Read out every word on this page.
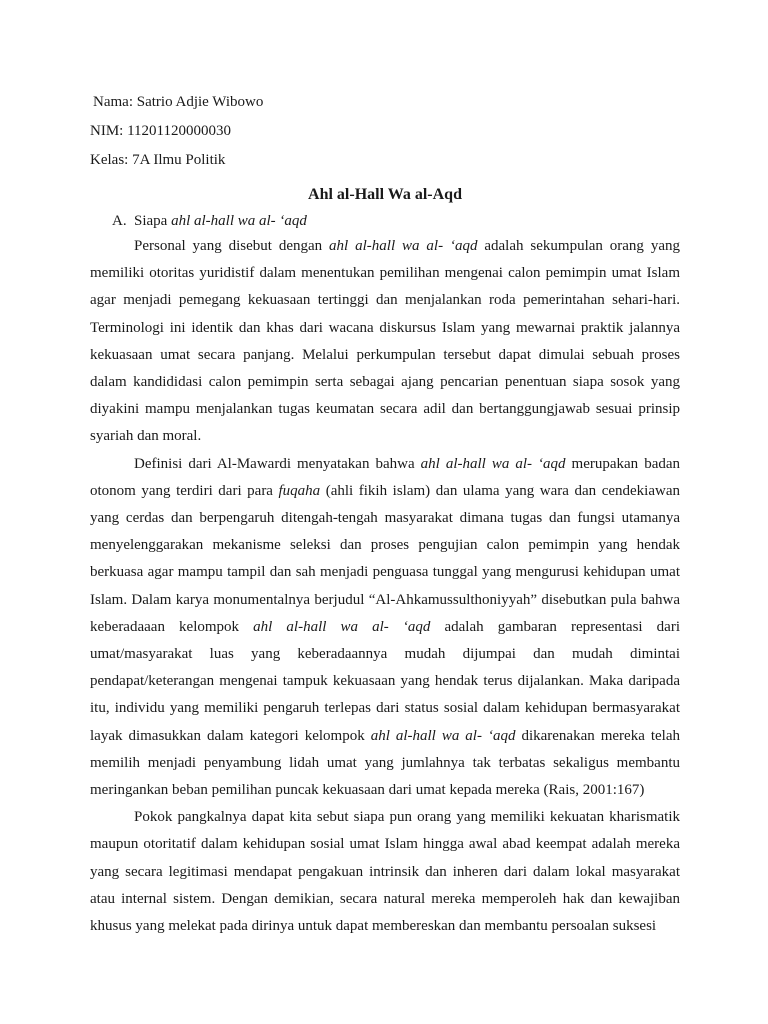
Nama: Satrio Adjie Wibowo

NIM: 11201120000030

Kelas: 7A Ilmu Politik

Ahl al-Hall Wa al-Aqd

A. Siapa ahl al-hall wa al- ‘aqd

Personal yang disebut dengan ahl al-hall wa al- ‘aqd adalah sekumpulan orang yang memiliki otoritas yuridistif dalam menentukan pemilihan mengenai calon pemimpin umat Islam agar menjadi pemegang kekuasaan tertinggi dan menjalankan roda pemerintahan sehari-hari. Terminologi ini identik dan khas dari wacana diskursus Islam yang mewarnai praktik jalannya kekuasaan umat secara panjang. Melalui perkumpulan tersebut dapat dimulai sebuah proses dalam kandididasi calon pemimpin serta sebagai ajang pencarian penentuan siapa sosok yang diyakini mampu menjalankan tugas keumatan secara adil dan bertanggungjawab sesuai prinsip syariah dan moral.

Definisi dari Al-Mawardi menyatakan bahwa ahl al-hall wa al- ‘aqd merupakan badan otonom yang terdiri dari para fuqaha (ahli fikih islam) dan ulama yang wara dan cendekiawan yang cerdas dan berpengaruh ditengah-tengah masyarakat dimana tugas dan fungsi utamanya menyelenggarakan mekanisme seleksi dan proses pengujian calon pemimpin yang hendak berkuasa agar mampu tampil dan sah menjadi penguasa tunggal yang mengurusi kehidupan umat Islam. Dalam karya monumentalnya berjudul “Al-Ahkamussulthoniyyah” disebutkan pula bahwa keberadaaan kelompok ahl al-hall wa al- ‘aqd adalah gambaran representasi dari umat/masyarakat luas yang keberadaannya mudah dijumpai dan mudah dimintai pendapat/keterangan mengenai tampuk kekuasaan yang hendak terus dijalankan. Maka daripada itu, individu yang memiliki pengaruh terlepas dari status sosial dalam kehidupan bermasyarakat layak dimasukkan dalam kategori kelompok ahl al-hall wa al- ‘aqd dikarenakan mereka telah memilih menjadi penyambung lidah umat yang jumlahnya tak terbatas sekaligus membantu meringankan beban pemilihan puncak kekuasaan dari umat kepada mereka (Rais, 2001:167)

Pokok pangkalnya dapat kita sebut siapa pun orang yang memiliki kekuatan kharismatik maupun otoritatif dalam kehidupan sosial umat Islam hingga awal abad keempat adalah mereka yang secara legitimasi mendapat pengakuan intrinsik dan inheren dari dalam lokal masyarakat atau internal sistem. Dengan demikian, secara natural mereka memperoleh hak dan kewajiban khusus yang melekat pada dirinya untuk dapat membereskan dan membantu persoalan suksesi
